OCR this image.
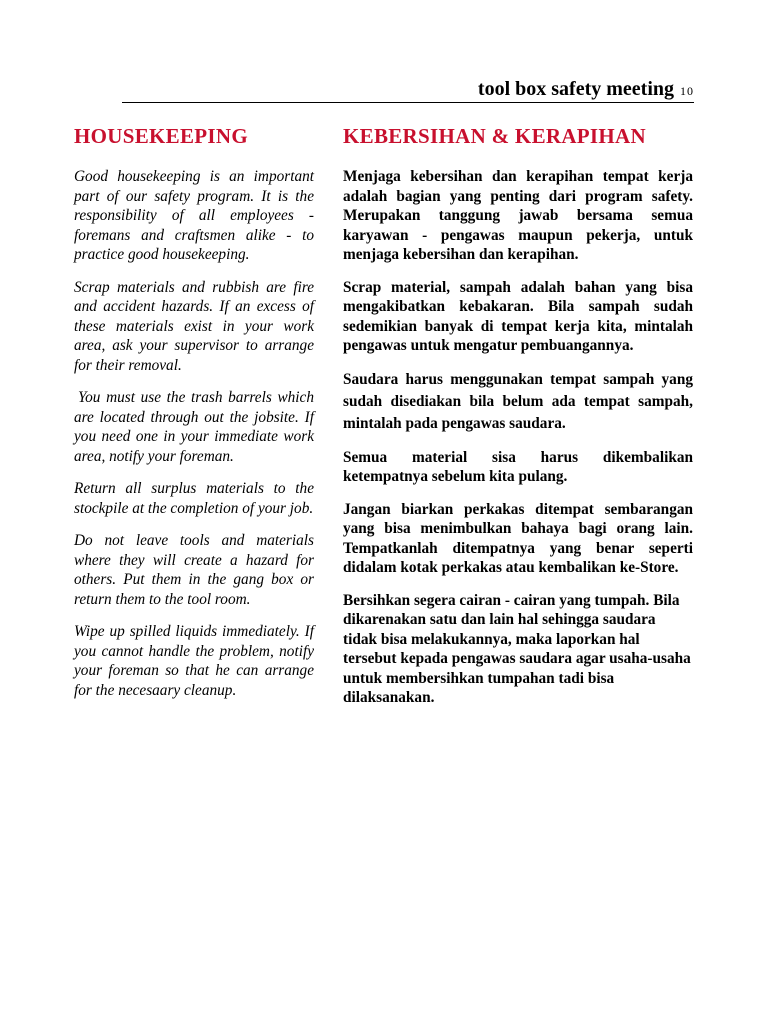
tool box safety meeting 10
HOUSEKEEPING

Good housekeeping is an important part of our safety program. It is the responsibility of all employees - foremans and craftsmen alike - to practice good housekeeping.

Scrap materials and rubbish are fire and accident hazards. If an excess of these materials exist in your work area, ask your supervisor to arrange for their removal.

You must use the trash barrels which are located through out the jobsite. If you need one in your immediate work area, notify your foreman.

Return all surplus materials to the stockpile at the completion of your job.

Do not leave tools and materials where they will create a hazard for others. Put them in the gang box or return them to the tool room.

Wipe up spilled liquids immediately. If you cannot handle the problem, notify your foreman so that he can arrange for the necesaary cleanup.

KEBERSIHAN & KERAPIHAN

Menjaga kebersihan dan kerapihan tempat kerja adalah bagian yang penting dari program safety. Merupakan tanggung jawab bersama semua karyawan - pengawas maupun pekerja, untuk menjaga kebersihan dan kerapihan.

Scrap material, sampah adalah bahan yang bisa mengakibatkan kebakaran. Bila sampah sudah sedemikian banyak di tempat kerja kita, mintalah pengawas untuk mengatur pembuangannya.

Saudara harus menggunakan tempat sampah yang sudah disediakan bila belum ada tempat sampah, mintalah pada pengawas saudara.

Semua material sisa harus dikembalikan ketempatnya sebelum kita pulang.

Jangan biarkan perkakas ditempat sembarangan yang bisa menimbulkan bahaya bagi orang lain. Tempatkanlah ditempatnya yang benar seperti didalam kotak perkakas atau kembalikan ke-Store.

Bersihkan segera cairan - cairan yang tumpah. Bila dikarenakan satu dan lain hal sehingga saudara tidak bisa melakukannya, maka laporkan hal tersebut kepada pengawas saudara agar usaha-usaha untuk membersihkan tumpahan tadi bisa dilaksanakan.
